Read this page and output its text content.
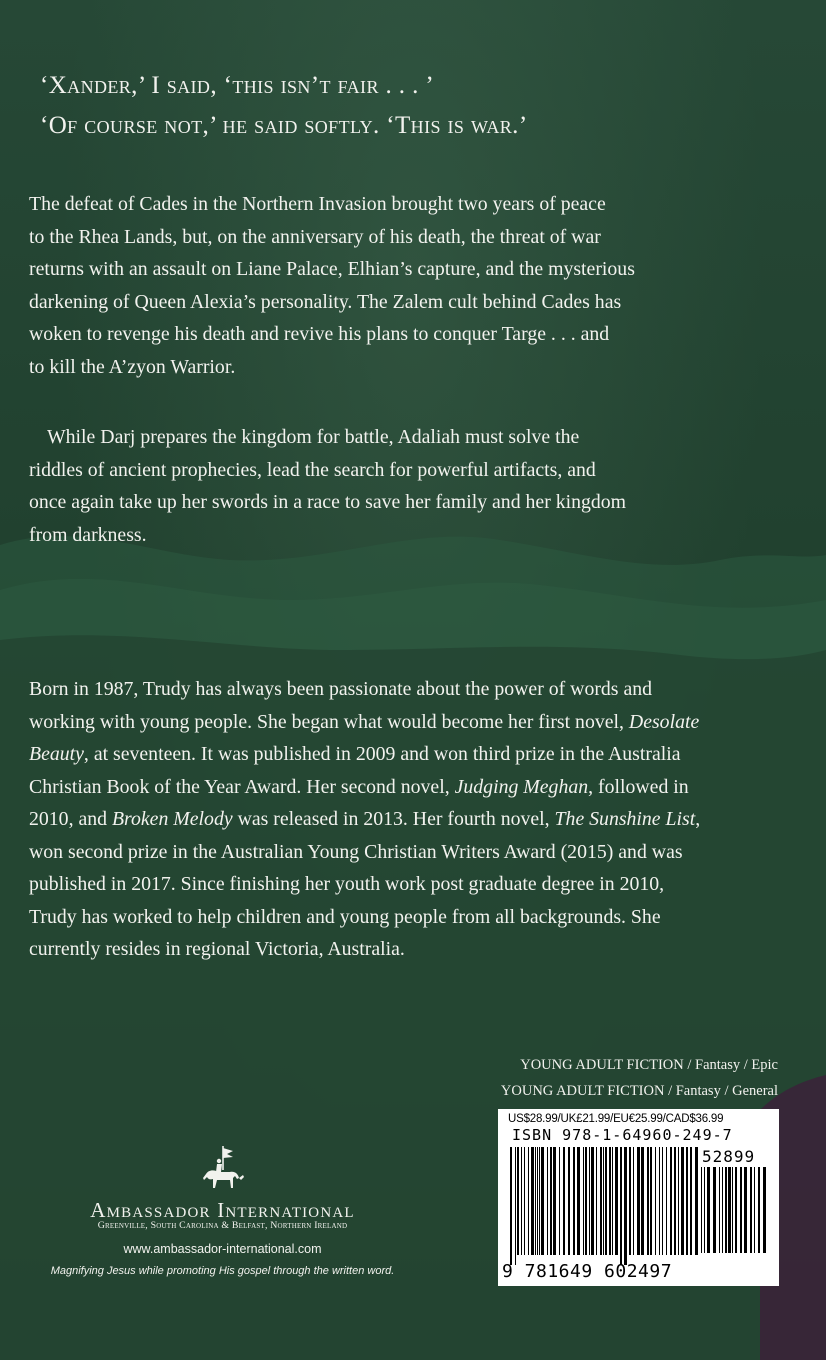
‘Xander,’ I said, ‘this isn’t fair . . . ’
‘Of course not,’ he said softly. ‘This is war.’
The defeat of Cades in the Northern Invasion brought two years of peace
to the Rhea Lands, but, on the anniversary of his death, the threat of war
returns with an assault on Liane Palace, Elhian’s capture, and the mysterious
darkening of Queen Alexia’s personality. The Zalem cult behind Cades has
woken to revenge his death and revive his plans to conquer Targe . . . and
to kill the A’zyon Warrior.
While Darj prepares the kingdom for battle, Adaliah must solve the
riddles of ancient prophecies, lead the search for powerful artifacts, and
once again take up her swords in a race to save her family and her kingdom
from darkness.
Born in 1987, Trudy has always been passionate about the power of words and
working with young people. She began what would become her first novel, Desolate
Beauty, at seventeen. It was published in 2009 and won third prize in the Australia
Christian Book of the Year Award. Her second novel, Judging Meghan, followed in
2010, and Broken Melody was released in 2013. Her fourth novel, The Sunshine List,
won second prize in the Australian Young Christian Writers Award (2015) and was
published in 2017. Since finishing her youth work post graduate degree in 2010,
Trudy has worked to help children and young people from all backgrounds. She
currently resides in regional Victoria, Australia.
YOUNG ADULT FICTION / Fantasy / Epic
YOUNG ADULT FICTION / Fantasy / General
US$28.99/UK£21.99/EU€25.99/CAD$36.99
ISBN 978-1-64960-249-7
52899
9 781649 602497
Ambassador International
Greenville, South Carolina & Belfast, Northern Ireland
www.ambassador-international.com
Magnifying Jesus while promoting His gospel through the written word.
